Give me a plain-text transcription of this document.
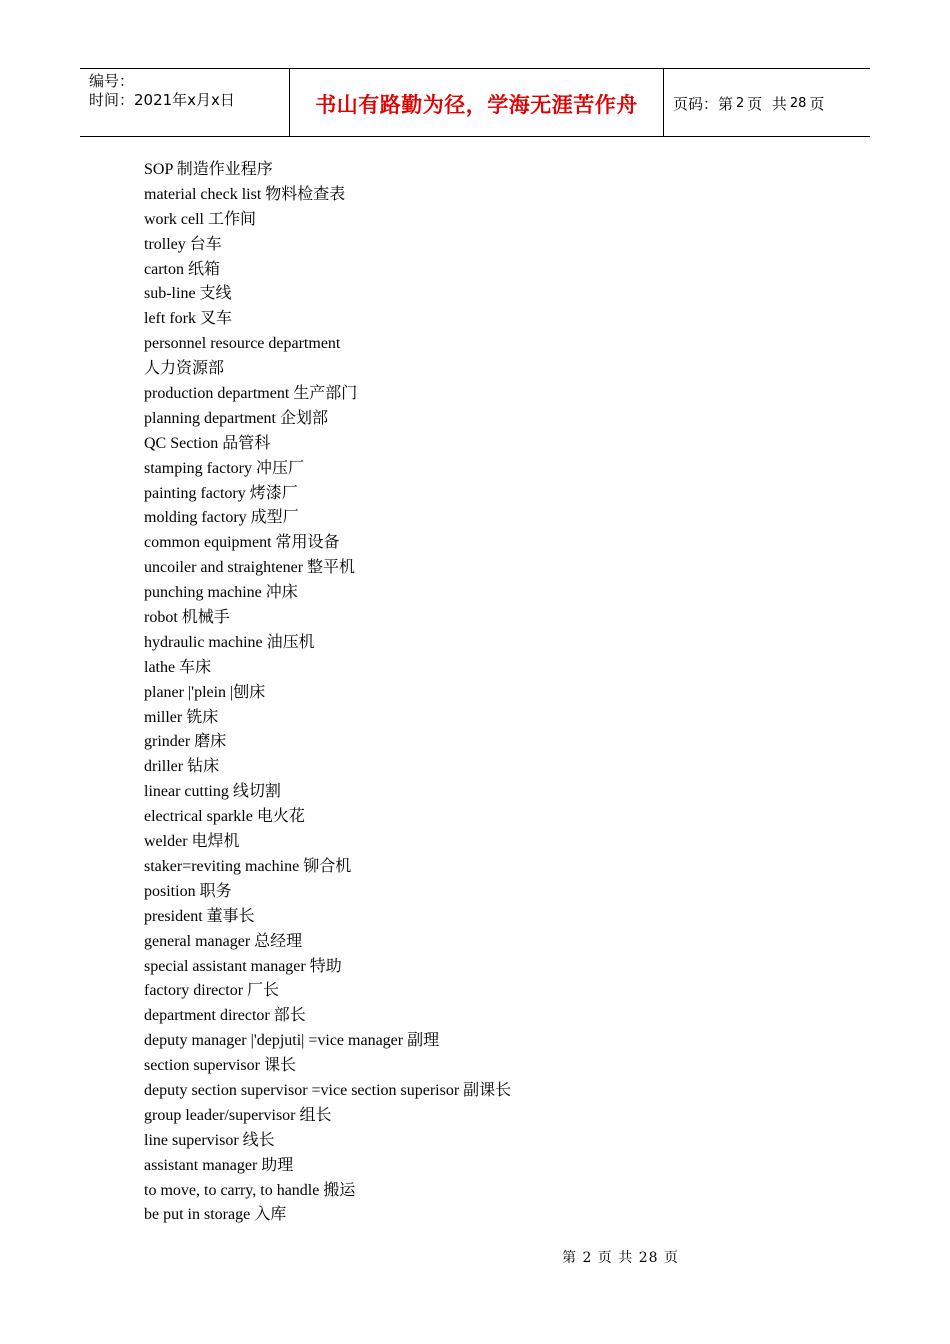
编号：
时间：2021年x月x日	书山有路勤为径，学海无涯苦作舟	页码：第 2 页  共 28 页
SOP 制造作业程序
material check list 物料检查表
work cell 工作间
trolley 台车
carton 纸箱
sub-line 支线
left fork 叉车
personnel resource department
人力资源部
production department 生产部门
planning department 企划部
QC Section 品管科
stamping factory 冲压厂
painting factory 烤漆厂
molding factory 成型厂
common equipment 常用设备
uncoiler and straightener 整平机
punching machine 冲床
robot 机械手
hydraulic machine 油压机
lathe 车床
planer |'plein |刨床
miller 铣床
grinder 磨床
driller 钻床
linear cutting 线切割
electrical sparkle 电火花
welder 电焊机
staker=reviting machine 铆合机
position 职务
president 董事长
general manager 总经理
special assistant manager 特助
factory director 厂长
department director 部长
deputy manager |'depjuti| =vice manager 副理
section supervisor 课长
deputy section supervisor =vice section superisor 副课长
group leader/supervisor 组长
line supervisor 线长
assistant manager 助理
to move, to carry, to handle 搬运
be put in storage 入库
第 2 页 共 28 页
